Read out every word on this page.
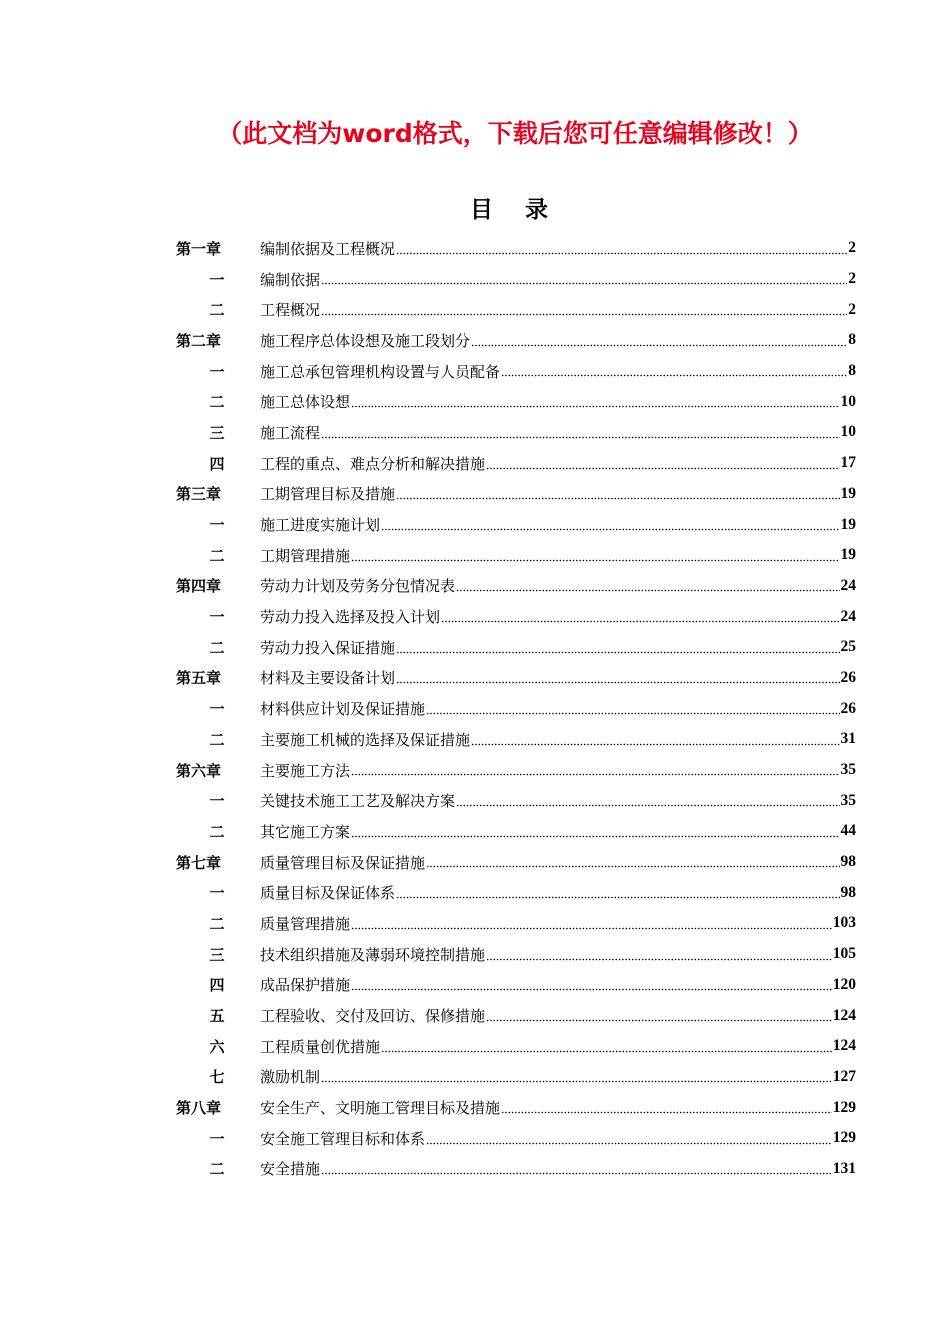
（此文档为word格式，下载后您可任意编辑修改！）
目 录
第一章	编制依据及工程概况	2
一	编制依据	2
二	工程概况	2
第二章	施工程序总体设想及施工段划分	8
一	施工总承包管理机构设置与人员配备	8
二	施工总体设想	10
三	施工流程	10
四	工程的重点、难点分析和解决措施	17
第三章	工期管理目标及措施	19
一	施工进度实施计划	19
二	工期管理措施	19
第四章	劳动力计划及劳务分包情况表	24
一	劳动力投入选择及投入计划	24
二	劳动力投入保证措施	25
第五章	材料及主要设备计划	26
一	材料供应计划及保证措施	26
二	主要施工机械的选择及保证措施	31
第六章	主要施工方法	35
一	关键技术施工工艺及解决方案	35
二	其它施工方案	44
第七章	质量管理目标及保证措施	98
一	质量目标及保证体系	98
二	质量管理措施	103
三	技术组织措施及薄弱环境控制措施	105
四	成品保护措施	120
五	工程验收、交付及回访、保修措施	124
六	工程质量创优措施	124
七	激励机制	127
第八章	安全生产、文明施工管理目标及措施	129
一	安全施工管理目标和体系	129
二	安全措施	131
